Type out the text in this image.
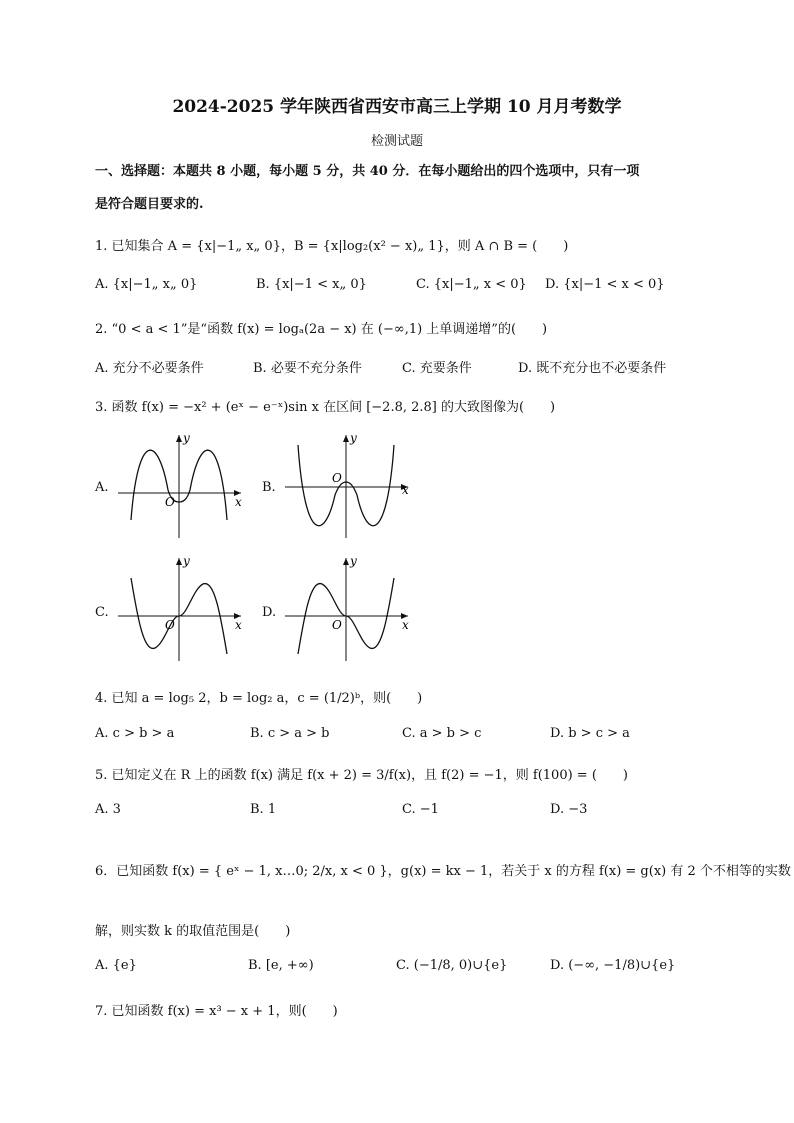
2024-2025 学年陕西省西安市高三上学期 10 月月考数学
检测试题
一、选择题：本题共 8 小题，每小题 5 分，共 40 分．在每小题给出的四个选项中，只有一项
是符合题目要求的.
1. 已知集合 A = {x|−1„ x„ 0}，B = {x|log₂(x² − x)„ 1}，则 A ∩ B = (　　)
A. {x|−1„ x„ 0}	B. {x|−1 < x„ 0}	C. {x|−1„ x < 0} D. {x|−1 < x < 0}
2. “0 < a < 1”是“函数 f(x) = logₐ(2a − x) 在 (−∞,1) 上单调递增”的(　　)
A. 充分不必要条件	B. 必要不充分条件	C. 充要条件	D. 既不充分也不必要条件
3. 函数 f(x) = −x² + (eˣ − e⁻ˣ)sin x 在区间 [−2.8, 2.8] 的大致图像为(　　)
A.
y
x
O
B.
y
x
O
C.
y
x
O
D.
y
x
O
4. 已知 a = log₅ 2，b = log₂ a，c = (1/2)ᵇ，则(　　)
A. c > b > a	B. c > a > b	C. a > b > c	D. b > c > a
5. 已知定义在 R 上的函数 f(x) 满足 f(x + 2) = 3/f(x)，且 f(2) = −1，则 f(100) = (　　)
A. 3	B. 1	C. −1	D. −3
6．已知函数 f(x) = { eˣ − 1, x…0; 2/x, x < 0 }，g(x) = kx − 1，若关于 x 的方程 f(x) = g(x) 有 2 个不相等的实数
解，则实数 k 的取值范围是(　　)
A. {e}	B. [e, +∞)	C. (−1/8, 0)∪{e}	D. (−∞, −1/8)∪{e}
7. 已知函数 f(x) = x³ − x + 1，则(　　)
